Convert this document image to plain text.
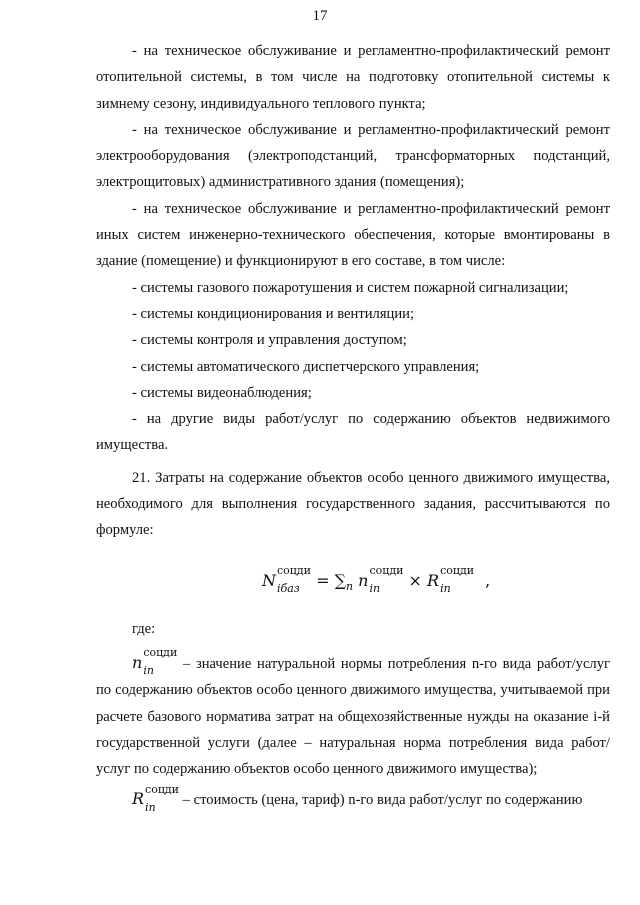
17

- на техническое обслуживание и регламентно-профилактический ремонт отопительной системы, в том числе на подготовку отопительной системы к зимнему сезону, индивидуального теплового пункта;

- на техническое обслуживание и регламентно-профилактический ремонт электрооборудования (электроподстанций, трансформаторных подстанций, электрощитовых) административного здания (помещения);

- на техническое обслуживание и регламентно-профилактический ремонт иных систем инженерно-технического обеспечения, которые вмонтированы в здание (помещение) и функционируют в его составе, в том числе:

- системы газового пожаротушения и систем пожарной сигнализации;

- системы кондиционирования и вентиляции;

- системы контроля и управления доступом;

- системы автоматического диспетчерского управления;

- системы видеонаблюдения;

- на другие виды работ/услуг по содержанию объектов недвижимого имущества.

21. Затраты на содержание объектов особо ценного движимого имущества, необходимого для выполнения государственного задания, рассчитываются по формуле:

N соцди
iбаз	= $\sum_n$ n соцди
in	× R соцди
in	,

где:

n соцди
in	– значение натуральной нормы потребления n-го вида работ/услуг по содержанию объектов особо ценного движимого имущества, учитываемой при расчете базового норматива затрат на общехозяйственные нужды на оказание i-й государственной услуги (далее – натуральная норма потребления вида работ/услуг по содержанию объектов особо ценного движимого имущества);

R соцди
in	– стоимость (цена, тариф) n-го вида работ/услуг по содержанию
